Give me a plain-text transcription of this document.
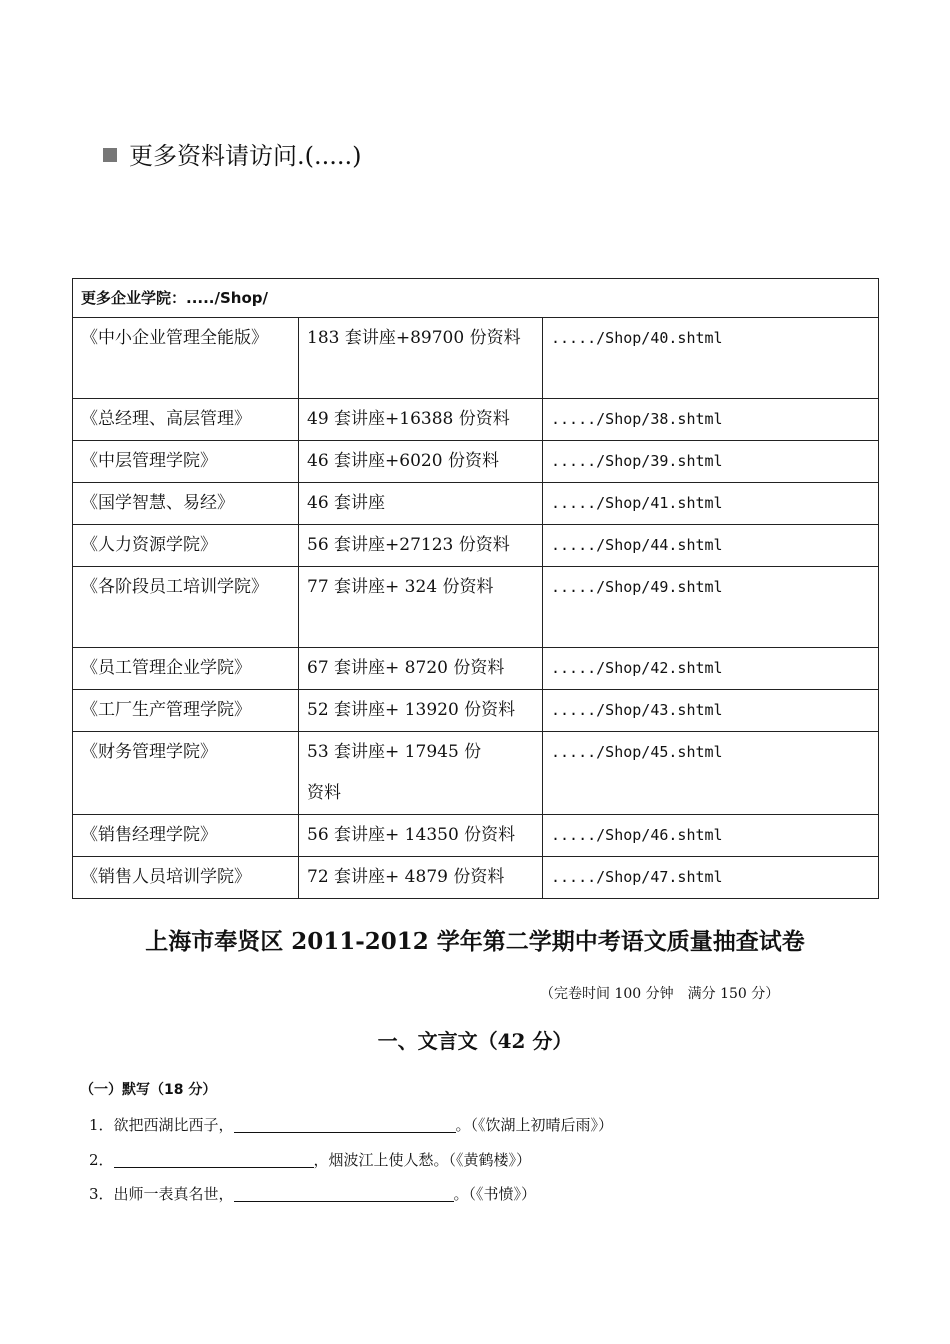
更多资料请访问.(.....)
更多企业学院：...../Shop/		
《中小企业管理全能版》	183 套讲座+89700 份资料	...../Shop/40.shtml
《总经理、高层管理》	49 套讲座+16388 份资料	...../Shop/38.shtml
《中层管理学院》	46 套讲座+6020 份资料	...../Shop/39.shtml
《国学智慧、易经》	46 套讲座	...../Shop/41.shtml
《人力资源学院》	56 套讲座+27123 份资料	...../Shop/44.shtml
《各阶段员工培训学院》	77 套讲座+ 324 份资料	...../Shop/49.shtml
《员工管理企业学院》	67 套讲座+ 8720 份资料	...../Shop/42.shtml
《工厂生产管理学院》	52 套讲座+ 13920 份资料	...../Shop/43.shtml
《财务管理学院》	53 套讲座+ 17945 份资料	...../Shop/45.shtml
《销售经理学院》	56 套讲座+ 14350 份资料	...../Shop/46.shtml
《销售人员培训学院》	72 套讲座+ 4879 份资料	...../Shop/47.shtml
上海市奉贤区 2011-2012 学年第二学期中考语文质量抽查试卷
（完卷时间 100 分钟　满分 150 分）
一、文言文（42 分）
（一）默写（18 分）
1．欲把西湖比西子，	。（《饮湖上初晴后雨》）
2．	，烟波江上使人愁。（《黄鹤楼》）
3．出师一表真名世，	。（《书愤》）
